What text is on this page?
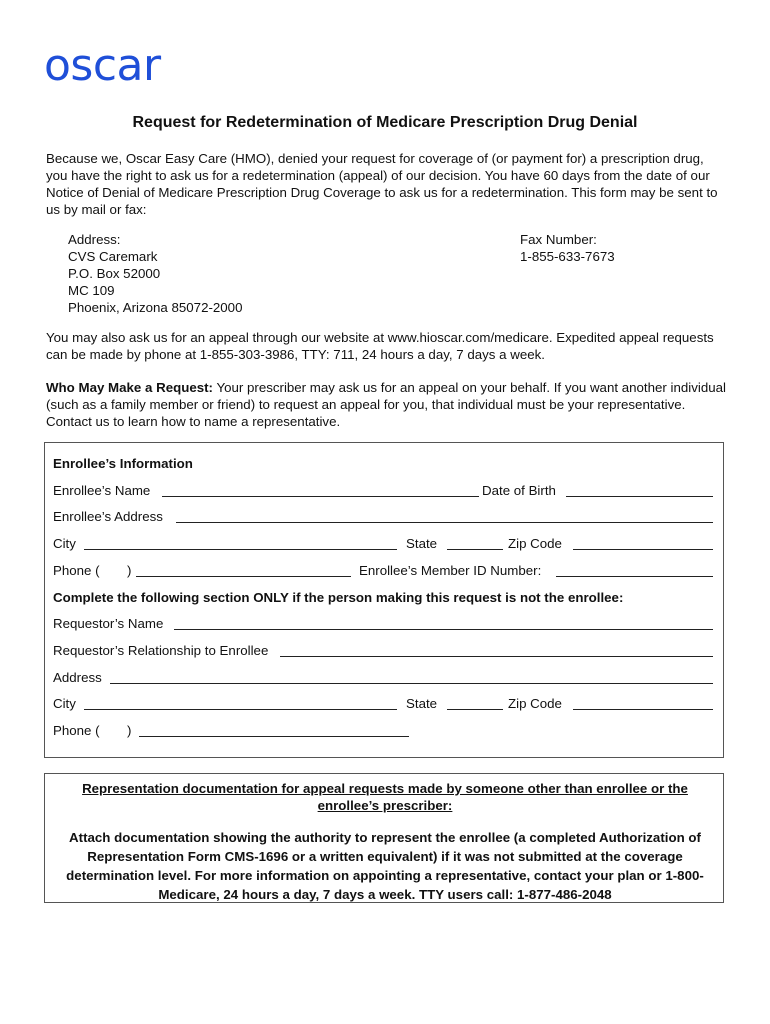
oscar
Request for Redetermination of Medicare Prescription Drug Denial
Because we, Oscar Easy Care (HMO), denied your request for coverage of (or payment for) a prescription drug, you have the right to ask us for a redetermination (appeal) of our decision. You have 60 days from the date of our Notice of Denial of Medicare Prescription Drug Coverage to ask us for a redetermination. This form may be sent to us by mail or fax:
Address:
CVS Caremark
P.O. Box 52000
MC 109
Phoenix, Arizona 85072-2000
Fax Number:
1-855-633-7673
You may also ask us for an appeal through our website at www.hioscar.com/medicare. Expedited appeal requests can be made by phone at 1-855-303-3986, TTY: 711, 24 hours a day, 7 days a week.
Who May Make a Request: Your prescriber may ask us for an appeal on your behalf. If you want another individual (such as a family member or friend) to request an appeal for you, that individual must be your representative. Contact us to learn how to name a representative.
Enrollee’s Information
Enrollee’s Name	Date of Birth
Enrollee’s Address
City	State	Zip Code
Phone ( )	Enrollee’s Member ID Number:
Complete the following section ONLY if the person making this request is not the enrollee:
Requestor’s Name
Requestor’s Relationship to Enrollee
Address
City	State	Zip Code
Phone ( )
Representation documentation for appeal requests made by someone other than enrollee or the enrollee’s prescriber:
Attach documentation showing the authority to represent the enrollee (a completed Authorization of Representation Form CMS-1696 or a written equivalent) if it was not submitted at the coverage determination level. For more information on appointing a representative, contact your plan or 1-800-Medicare, 24 hours a day, 7 days a week. TTY users call: 1-877-486-2048
